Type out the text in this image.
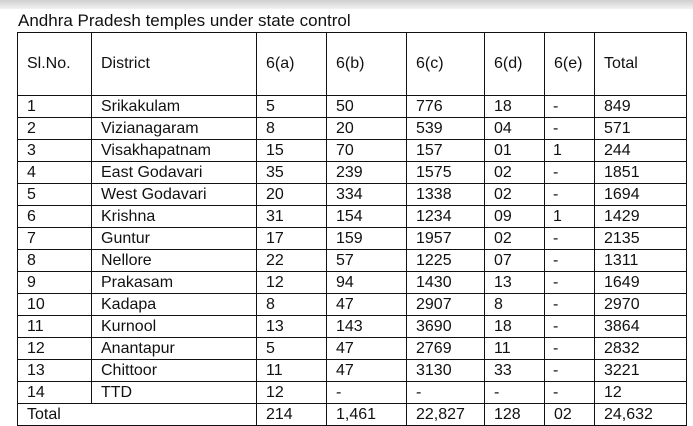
Andhra Pradesh temples under state control
Sl.No.	District	6(a)	6(b)	6(c)	6(d)	6(e)	Total
1	Srikakulam	5	50	776	18	-	849
2	Vizianagaram	8	20	539	04	-	571
3	Visakhapatnam	15	70	157	01	1	244
4	East Godavari	35	239	1575	02	-	1851
5	West Godavari	20	334	1338	02	-	1694
6	Krishna	31	154	1234	09	1	1429
7	Guntur	17	159	1957	02	-	2135
8	Nellore	22	57	1225	07	-	1311
9	Prakasam	12	94	1430	13	-	1649
10	Kadapa	8	47	2907	8	-	2970
11	Kurnool	13	143	3690	18	-	3864
12	Anantapur	5	47	2769	11	-	2832
13	Chittoor	11	47	3130	33	-	3221
14	TTD	12	-	-	-	-	12
Total		214	1,461	22,827	128	02	24,632
